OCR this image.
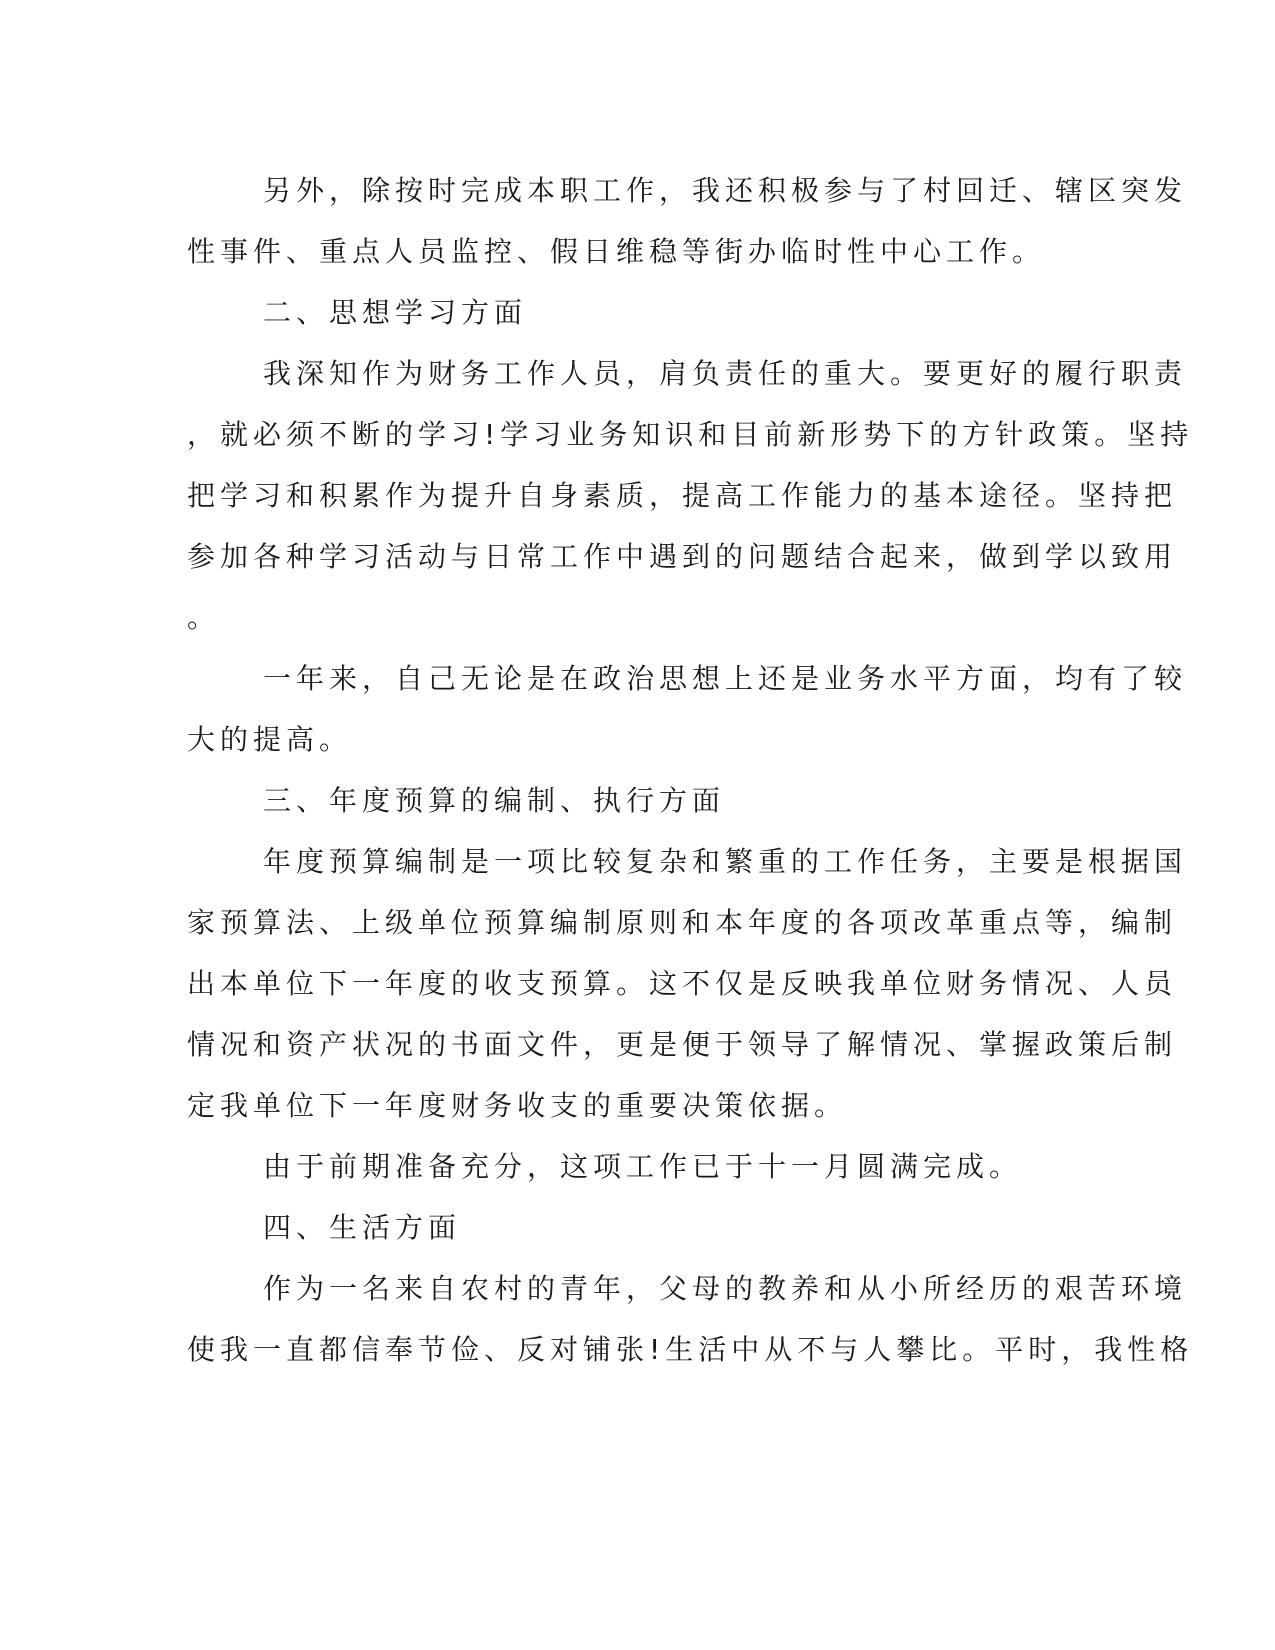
另外，除按时完成本职工作，我还积极参与了村回迁、辖区突发
性事件、重点人员监控、假日维稳等街办临时性中心工作。
二、思想学习方面
我深知作为财务工作人员，肩负责任的重大。要更好的履行职责
，就必须不断的学习!学习业务知识和目前新形势下的方针政策。坚持
把学习和积累作为提升自身素质，提高工作能力的基本途径。坚持把
参加各种学习活动与日常工作中遇到的问题结合起来，做到学以致用
。
一年来，自己无论是在政治思想上还是业务水平方面，均有了较
大的提高。
三、年度预算的编制、执行方面
年度预算编制是一项比较复杂和繁重的工作任务，主要是根据国
家预算法、上级单位预算编制原则和本年度的各项改革重点等，编制
出本单位下一年度的收支预算。这不仅是反映我单位财务情况、人员
情况和资产状况的书面文件，更是便于领导了解情况、掌握政策后制
定我单位下一年度财务收支的重要决策依据。
由于前期准备充分，这项工作已于十一月圆满完成。
四、生活方面
作为一名来自农村的青年，父母的教养和从小所经历的艰苦环境
使我一直都信奉节俭、反对铺张!生活中从不与人攀比。平时，我性格
